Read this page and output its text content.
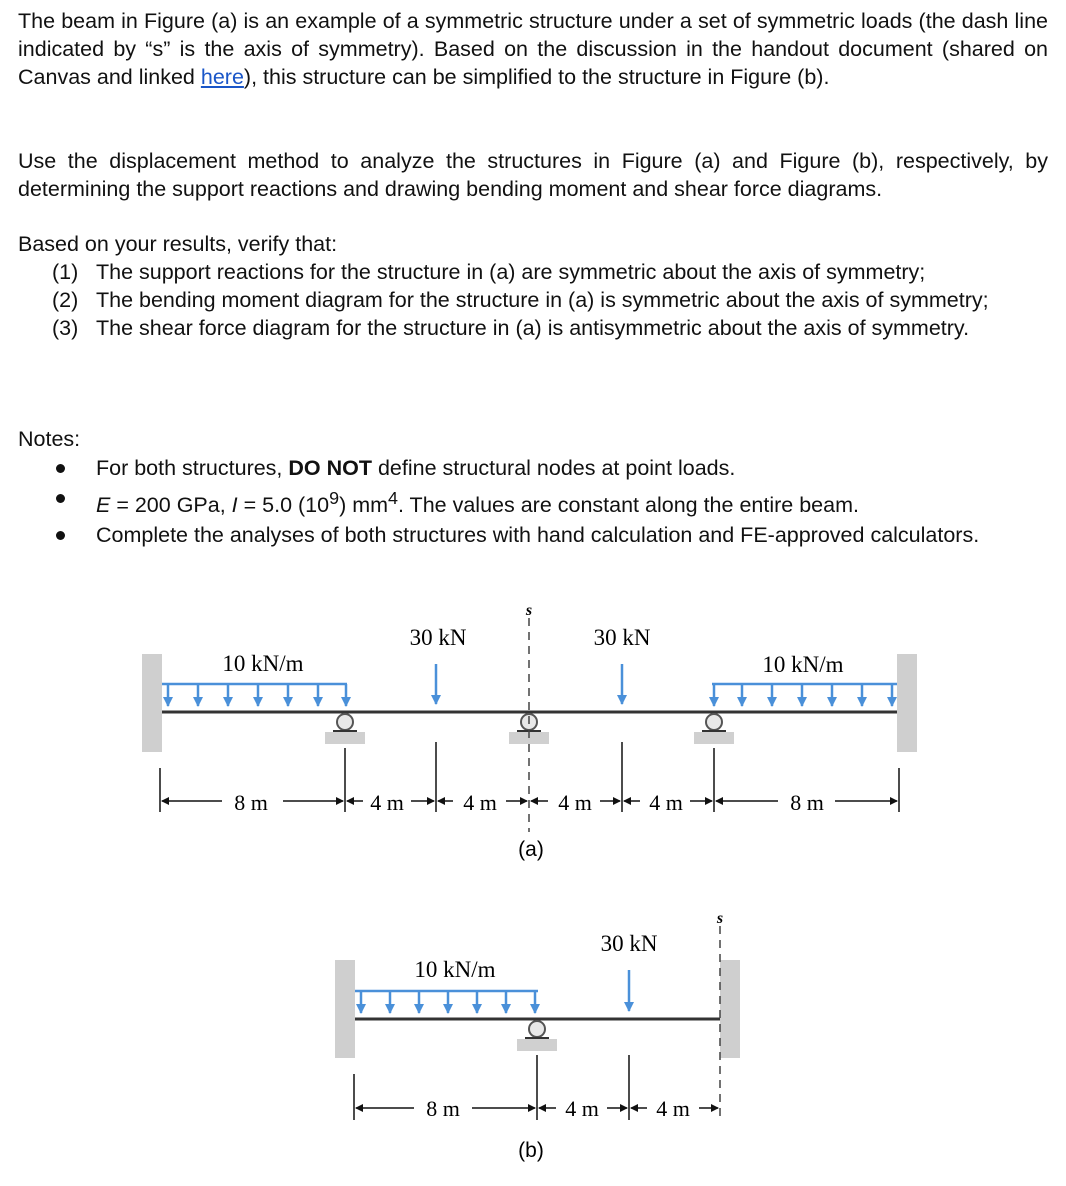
The beam in Figure (a) is an example of a symmetric structure under a set of symmetric loads (the dash line indicated by “s” is the axis of symmetry). Based on the discussion in the handout document (shared on Canvas and linked here), this structure can be simplified to the structure in Figure (b).
Use the displacement method to analyze the structures in Figure (a) and Figure (b), respectively, by determining the support reactions and drawing bending moment and shear force diagrams.
Based on your results, verify that:
(1) The support reactions for the structure in (a) are symmetric about the axis of symmetry;
(2) The bending moment diagram for the structure in (a) is symmetric about the axis of symmetry;
(3) The shear force diagram for the structure in (a) is antisymmetric about the axis of symmetry.
Notes:
For both structures, DO NOT define structural nodes at point loads.
E = 200 GPa, I = 5.0 $(10^9)$ $mm^4$. The values are constant along the entire beam.
Complete the analyses of both structures with hand calculation and FE-approved calculators.
s
10 kN/m	10 kN/m
30 kN	30 kN
8 m	4 m	4 m	4 m	4 m	8 m
(a)
s
10 kN/m
30 kN
8 m	4 m	4 m
(b)
